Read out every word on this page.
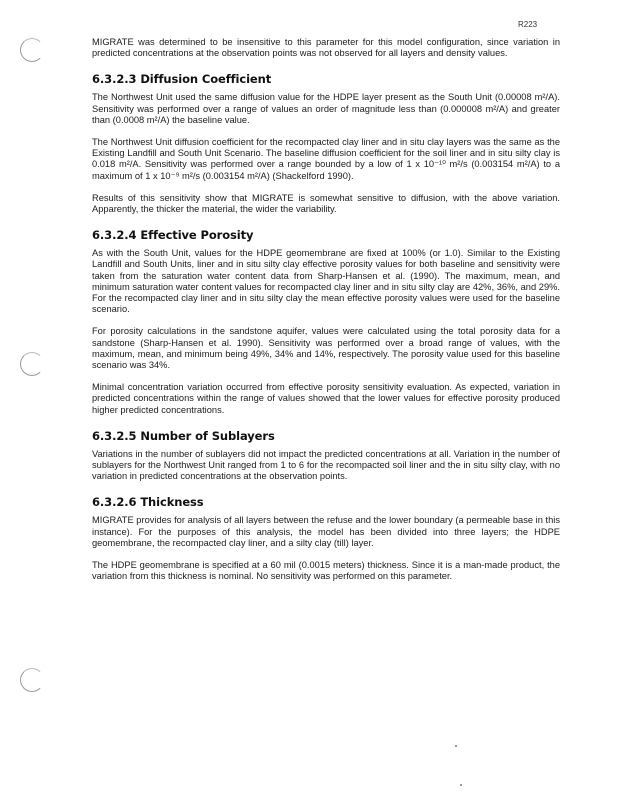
R223

MIGRATE was determined to be insensitive to this parameter for this model configuration, since variation in predicted concentrations at the observation points was not observed for all layers and density values.

6.3.2.3 Diffusion Coefficient

The Northwest Unit used the same diffusion value for the HDPE layer present as the South Unit (0.00008 m²/A). Sensitivity was performed over a range of values an order of magnitude less than (0.000008 m²/A) and greater than (0.0008 m²/A) the baseline value.

The Northwest Unit diffusion coefficient for the recompacted clay liner and in situ clay layers was the same as the Existing Landfill and South Unit Scenario. The baseline diffusion coefficient for the soil liner and in situ silty clay is 0.018 m²/A. Sensitivity was performed over a range bounded by a low of 1 x 10⁻¹⁰ m²/s (0.003154 m²/A) to a maximum of 1 x 10⁻⁹ m²/s (0.003154 m²/A) (Shackelford 1990).

Results of this sensitivity show that MIGRATE is somewhat sensitive to diffusion, with the above variation. Apparently, the thicker the material, the wider the variability.

6.3.2.4 Effective Porosity

As with the South Unit, values for the HDPE geomembrane are fixed at 100% (or 1.0). Similar to the Existing Landfill and South Units, liner and in situ silty clay effective porosity values for both baseline and sensitivity were taken from the saturation water content data from Sharp-Hansen et al. (1990). The maximum, mean, and minimum saturation water content values for recompacted clay liner and in situ silty clay are 42%, 36%, and 29%. For the recompacted clay liner and in situ silty clay the mean effective porosity values were used for the baseline scenario.

For porosity calculations in the sandstone aquifer, values were calculated using the total porosity data for a sandstone (Sharp-Hansen et al. 1990). Sensitivity was performed over a broad range of values, with the maximum, mean, and minimum being 49%, 34% and 14%, respectively. The porosity value used for this baseline scenario was 34%.

Minimal concentration variation occurred from effective porosity sensitivity evaluation. As expected, variation in predicted concentrations within the range of values showed that the lower values for effective porosity produced higher predicted concentrations.

6.3.2.5 Number of Sublayers

Variations in the number of sublayers did not impact the predicted concentrations at all. Variation in the number of sublayers for the Northwest Unit ranged from 1 to 6 for the recompacted soil liner and the in situ silty clay, with no variation in predicted concentrations at the observation points.

6.3.2.6 Thickness

MIGRATE provides for analysis of all layers between the refuse and the lower boundary (a permeable base in this instance). For the purposes of this analysis, the model has been divided into three layers; the HDPE geomembrane, the recompacted clay liner, and a silty clay (till) layer.

The HDPE geomembrane is specified at a 60 mil (0.0015 meters) thickness. Since it is a man-made product, the variation from this thickness is nominal. No sensitivity was performed on this parameter.
